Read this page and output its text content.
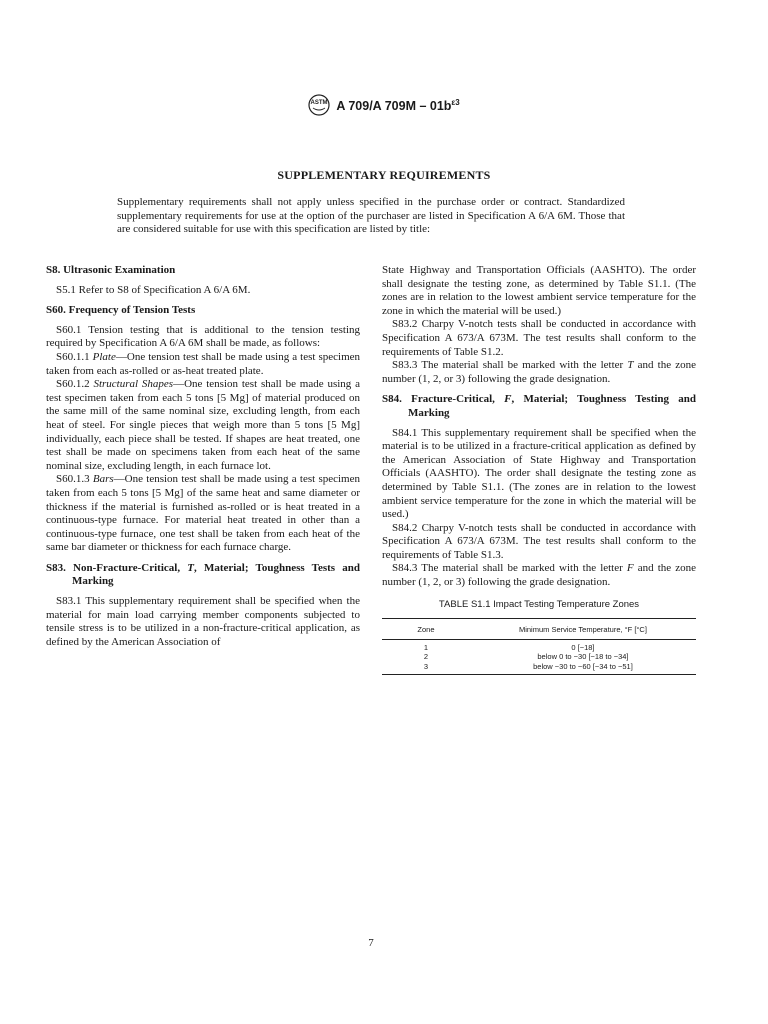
ASTM A 709/A $709M - 01b^{\varepsilon 3}$
SUPPLEMENTARY REQUIREMENTS
Supplementary requirements shall not apply unless specified in the purchase order or contract. Standardized supplementary requirements for use at the option of the purchaser are listed in Specification A 6/A 6M. Those that are considered suitable for use with this specification are listed by title:

S8. Ultrasonic Examination

S5.1 Refer to S8 of Specification A 6/A 6M.

S60. Frequency of Tension Tests

S60.1 Tension testing that is additional to the tension testing required by Specification A 6/A 6M shall be made, as follows:

S60.1.1 Plate—One tension test shall be made using a test specimen taken from each as-rolled or as-heat treated plate.

S60.1.2 Structural Shapes—One tension test shall be made using a test specimen taken from each 5 tons [5 Mg] of material produced on the same mill of the same nominal size, excluding length, from each heat of steel. For single pieces that weigh more than 5 tons [5 Mg] individually, each piece shall be tested. If shapes are heat treated, one test shall be made on specimens taken from each heat of the same nominal size, excluding length, in each furnace lot.

S60.1.3 Bars—One tension test shall be made using a test specimen taken from each 5 tons [5 Mg] of the same heat and same diameter or thickness if the material is furnished as-rolled or is heat treated in a continuous-type furnace. For material heat treated in other than a continuous-type furnace, one test shall be taken from each heat of the same bar diameter or thickness for each furnace charge.

S83. Non-Fracture-Critical, T, Material; Toughness Tests and Marking

S83.1 This supplementary requirement shall be specified when the material for main load carrying member components subjected to tensile stress is to be utilized in a non-fracture-critical application, as defined by the American Association of

State Highway and Transportation Officials (AASHTO). The order shall designate the testing zone, as determined by Table S1.1. (The zones are in relation to the lowest ambient service temperature for the zone in which the material will be used.)

S83.2 Charpy V-notch tests shall be conducted in accordance with Specification A 673/A 673M. The test results shall conform to the requirements of Table S1.2.

S83.3 The material shall be marked with the letter T and the zone number (1, 2, or 3) following the grade designation.

S84. Fracture-Critical, F, Material; Toughness Testing and Marking

S84.1 This supplementary requirement shall be specified when the material is to be utilized in a fracture-critical application as defined by the American Association of State Highway and Transportation Officials (AASHTO). The order shall designate the testing zone as determined by Table S1.1. (The zones are in relation to the lowest ambient service temperature for the zone in which the material will be used.)

S84.2 Charpy V-notch tests shall be conducted in accordance with Specification A 673/A 673M. The test results shall conform to the requirements of Table S1.3.

S84.3 The material shall be marked with the letter F and the zone number (1, 2, or 3) following the grade designation.

TABLE S1.1 Impact Testing Temperature Zones
Zone	Minimum Service Temperature, °F [°C]
1	0 [−18]
2	below 0 to −30 [−18 to −34]
3	below −30 to −60 [−34 to −51]
7
